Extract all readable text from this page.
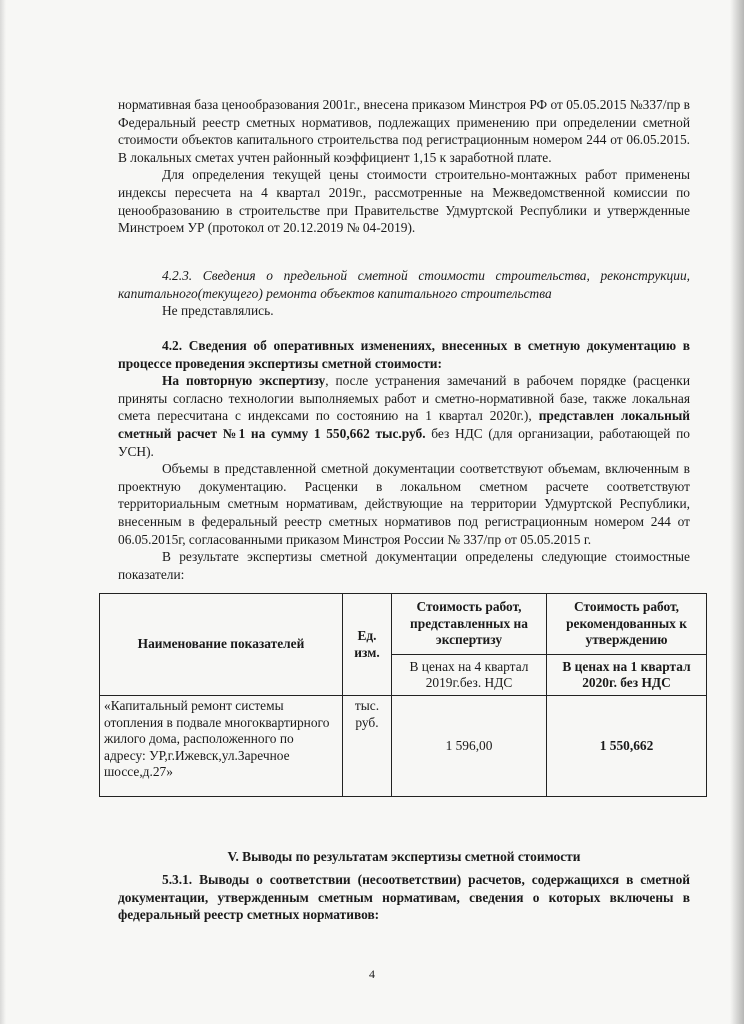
нормативная база ценообразования 2001г., внесена приказом Минстроя РФ от 05.05.2015 №337/пр в Федеральный реестр сметных нормативов, подлежащих применению при определении сметной стоимости объектов капитального строительства под регистрационным номером 244 от 06.05.2015. В локальных сметах учтен районный коэффициент 1,15 к заработной плате.

Для определения текущей цены стоимости строительно-монтажных работ применены индексы пересчета на 4 квартал 2019г., рассмотренные на Межведомственной комиссии по ценообразованию в строительстве при Правительстве Удмуртской Республики и утвержденные Минстроем УР (протокол от 20.12.2019 № 04-2019).

4.2.3. Сведения о предельной сметной стоимости строительства, реконструкции, капитального(текущего) ремонта объектов капитального строительства

Не представлялись.

4.2. Сведения об оперативных изменениях, внесенных в сметную документацию в процессе проведения экспертизы сметной стоимости:

На повторную экспертизу, после устранения замечаний в рабочем порядке (расценки приняты согласно технологии выполняемых работ и сметно-нормативной базе, также локальная смета пересчитана с индексами по состоянию на 1 квартал 2020г.), представлен локальный сметный расчет №1 на сумму 1 550,662 тыс.руб. без НДС (для организации, работающей по УСН).

Объемы в представленной сметной документации соответствуют объемам, включенным в проектную документацию. Расценки в локальном сметном расчете соответствуют территориальным сметным нормативам, действующие на территории Удмуртской Республики, внесенным в федеральный реестр сметных нормативов под регистрационным номером 244 от 06.05.2015г, согласованными приказом Минстроя России № 337/пр от 05.05.2015 г.

В результате экспертизы сметной документации определены следующие стоимостные показатели:

Наименование показателей	Ед. изм.	Стоимость работ, представленных на экспертизу	Стоимость работ, рекомендованных к утверждению
		В ценах на 4 квартал 2019г.без. НДС	В ценах на 1 квартал 2020г. без НДС
«Капитальный ремонт системы отопления в подвале многоквартирного жилого дома, расположенного по адресу: УР,г.Ижевск,ул.Заречное шоссе,д.27»	тыс. руб.	1 596,00	1 550,662

V. Выводы по результатам экспертизы сметной стоимости

5.3.1. Выводы о соответствии (несоответствии) расчетов, содержащихся в сметной документации, утвержденным сметным нормативам, сведения о которых включены в федеральный реестр сметных нормативов:

4
